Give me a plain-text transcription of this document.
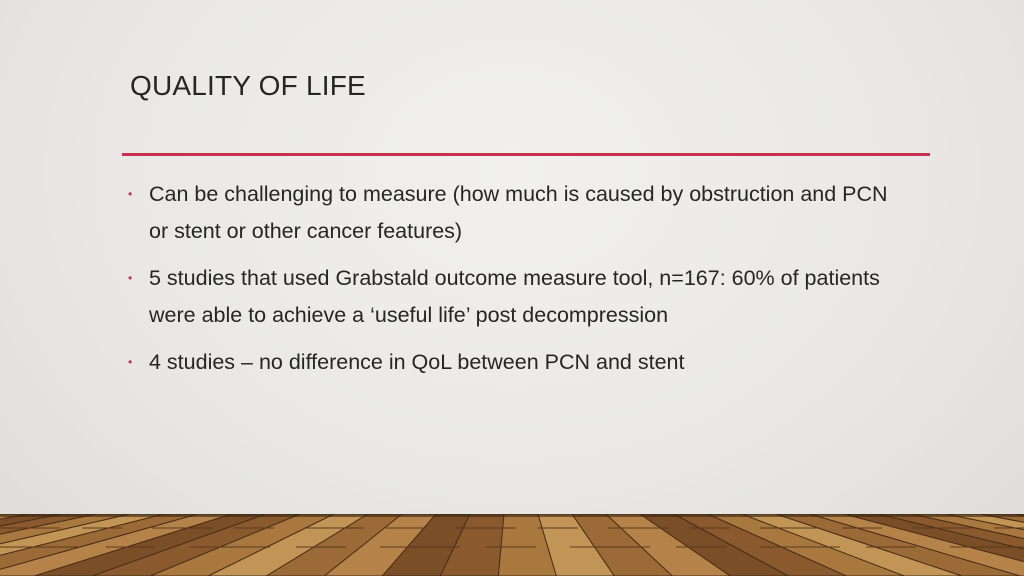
QUALITY OF LIFE
• Can be challenging to measure (how much is caused by obstruction and PCN or stent or other cancer features)
• 5 studies that used Grabstald outcome measure tool, n=167: 60% of patients were able to achieve a ‘useful life’ post decompression
• 4 studies – no difference in QoL between PCN and stent
